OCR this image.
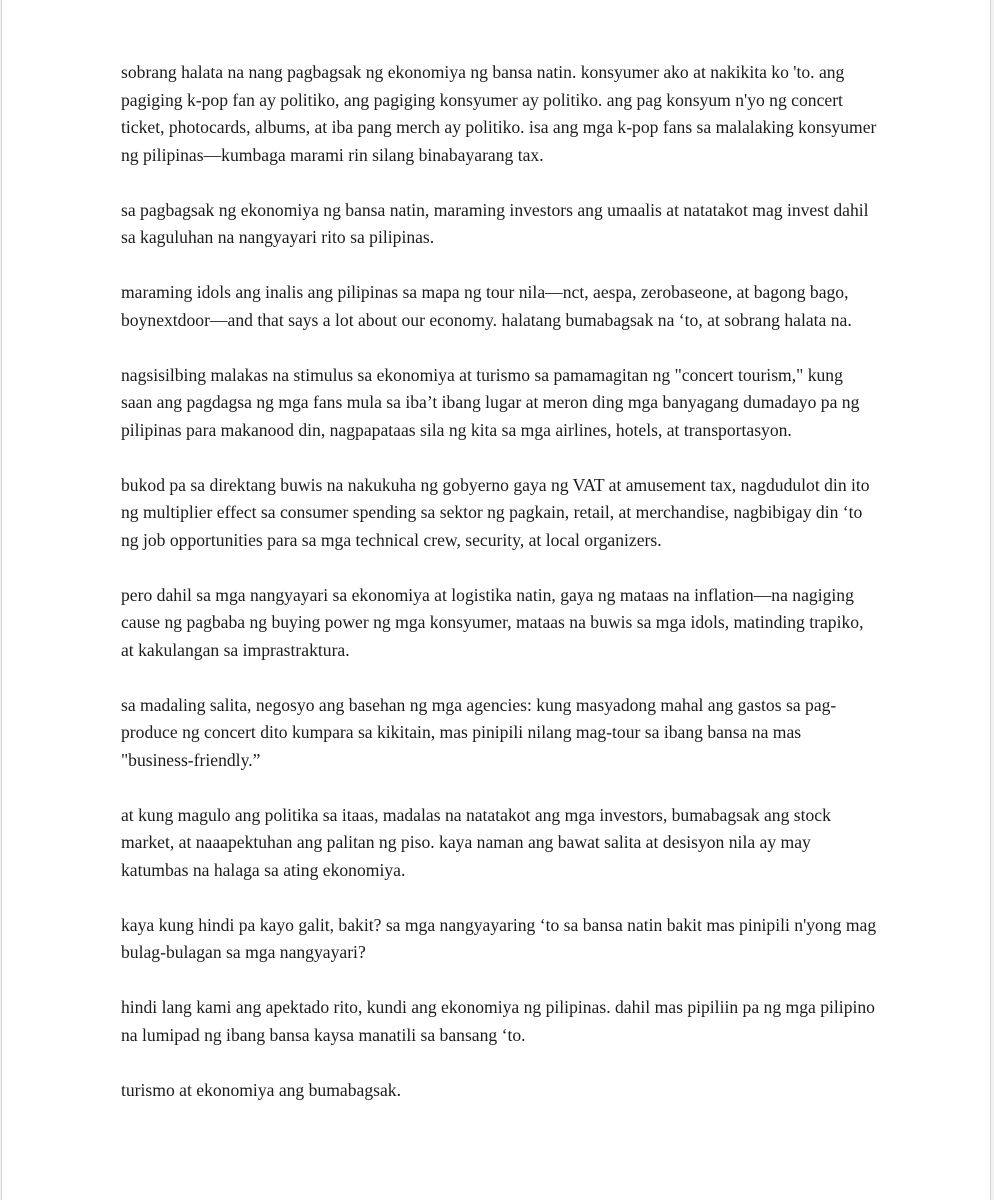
sobrang halata na nang pagbagsak ng ekonomiya ng bansa natin. konsyumer ako at nakikita ko 'to. ang pagiging k-pop fan ay politiko, ang pagiging konsyumer ay politiko. ang pag konsyum n'yo ng concert ticket, photocards, albums, at iba pang merch ay politiko. isa ang mga k-pop fans sa malalaking konsyumer ng pilipinas—kumbaga marami rin silang binabayarang tax.

sa pagbagsak ng ekonomiya ng bansa natin, maraming investors ang umaalis at natatakot mag invest dahil sa kaguluhan na nangyayari rito sa pilipinas.

maraming idols ang inalis ang pilipinas sa mapa ng tour nila—nct, aespa, zerobaseone, at bagong bago, boynextdoor—and that says a lot about our economy. halatang bumabagsak na ‘to, at sobrang halata na.

nagsisilbing malakas na stimulus sa ekonomiya at turismo sa pamamagitan ng "concert tourism," kung saan ang pagdagsa ng mga fans mula sa iba’t ibang lugar at meron ding mga banyagang dumadayo pa ng pilipinas para makanood din, nagpapataas sila ng kita sa mga airlines, hotels, at transportasyon.

bukod pa sa direktang buwis na nakukuha ng gobyerno gaya ng VAT at amusement tax, nagdudulot din ito ng multiplier effect sa consumer spending sa sektor ng pagkain, retail, at merchandise, nagbibigay din ‘to ng job opportunities para sa mga technical crew, security, at local organizers.

pero dahil sa mga nangyayari sa ekonomiya at logistika natin, gaya ng mataas na inflation—na nagiging cause ng pagbaba ng buying power ng mga konsyumer, mataas na buwis sa mga idols, matinding trapiko, at kakulangan sa imprastraktura.

sa madaling salita, negosyo ang basehan ng mga agencies: kung masyadong mahal ang gastos sa pag-produce ng concert dito kumpara sa kikitain, mas pinipili nilang mag-tour sa ibang bansa na mas "business-friendly.”

at kung magulo ang politika sa itaas, madalas na natatakot ang mga investors, bumabagsak ang stock market, at naaapektuhan ang palitan ng piso. kaya naman ang bawat salita at desisyon nila ay may katumbas na halaga sa ating ekonomiya.

kaya kung hindi pa kayo galit, bakit? sa mga nangyayaring ‘to sa bansa natin bakit mas pinipili n'yong mag bulag-bulagan sa mga nangyayari?

hindi lang kami ang apektado rito, kundi ang ekonomiya ng pilipinas. dahil mas pipiliin pa ng mga pilipino na lumipad ng ibang bansa kaysa manatili sa bansang ‘to.

turismo at ekonomiya ang bumabagsak.
